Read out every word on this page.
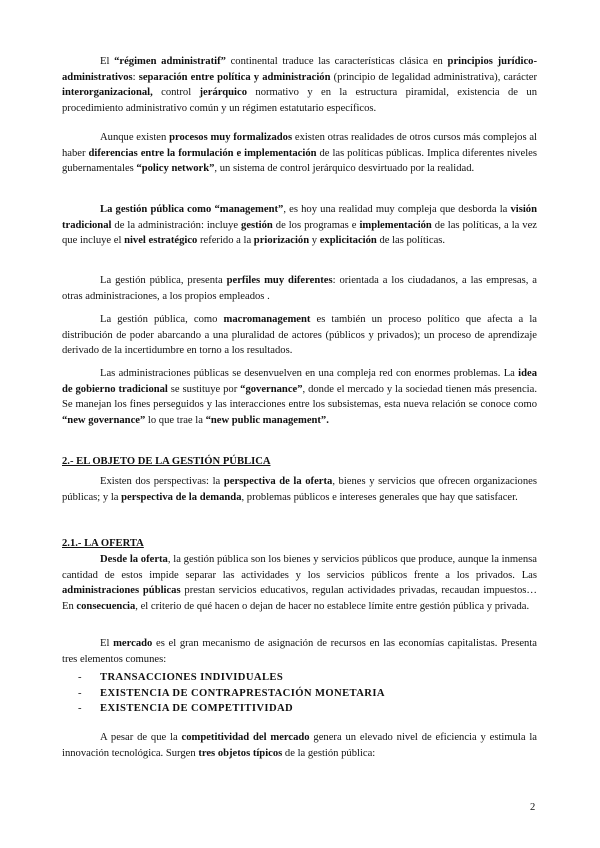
El “régimen administratif” continental traduce las características clásica en principios jurídico-administrativos: separación entre política y administración (principio de legalidad administrativa), carácter interorganizacional, control jerárquico normativo y en la estructura piramidal, existencia de un procedimiento administrativo común y un régimen estatutario específicos.

Aunque existen procesos muy formalizados existen otras realidades de otros cursos más complejos al haber diferencias entre la formulación e implementación de las políticas públicas. Implica diferentes niveles gubernamentales “policy network”, un sistema de control jerárquico desvirtuado por la realidad.

La gestión pública como “management”, es hoy una realidad muy compleja que desborda la visión tradicional de la administración: incluye gestión de los programas e implementación de las políticas, a la vez que incluye el nivel estratégico referido a la priorización y explicitación de las políticas.

La gestión pública, presenta perfiles muy diferentes: orientada a los ciudadanos, a las empresas, a otras administraciones, a los propios empleados .

La gestión pública, como macromanagement es también un proceso político que afecta a la distribución de poder abarcando a una pluralidad de actores (públicos y privados); un proceso de aprendizaje derivado de la incertidumbre en torno a los resultados.

Las administraciones públicas se desenvuelven en una compleja red con enormes problemas. La idea de gobierno tradicional se sustituye por “governance”, donde el mercado y la sociedad tienen más presencia. Se manejan los fines perseguidos y las interacciones entre los subsistemas, esta nueva relación se conoce como “new governance” lo que trae la “new public management”.

2.- EL OBJETO DE LA GESTIÓN PÚBLICA

Existen dos perspectivas: la perspectiva de la oferta, bienes y servicios que ofrecen organizaciones públicas; y la perspectiva de la demanda, problemas públicos e intereses generales que hay que satisfacer.

2.1.- LA OFERTA

Desde la oferta, la gestión pública son los bienes y servicios públicos que produce, aunque la inmensa cantidad de estos impide separar las actividades y los servicios públicos frente a los privados. Las administraciones públicas prestan servicios educativos, regulan actividades privadas, recaudan impuestos… En consecuencia, el criterio de qué hacen o dejan de hacer no establece límite entre gestión pública y privada.

El mercado es el gran mecanismo de asignación de recursos en las economías capitalistas. Presenta tres elementos comunes:

- TRANSACCIONES INDIVIDUALES
- EXISTENCIA DE CONTRAPRESTACIÓN MONETARIA
- EXISTENCIA DE COMPETITIVIDAD

A pesar de que la competitividad del mercado genera un elevado nivel de eficiencia y estimula la innovación tecnológica. Surgen tres objetos típicos de la gestión pública:

2
